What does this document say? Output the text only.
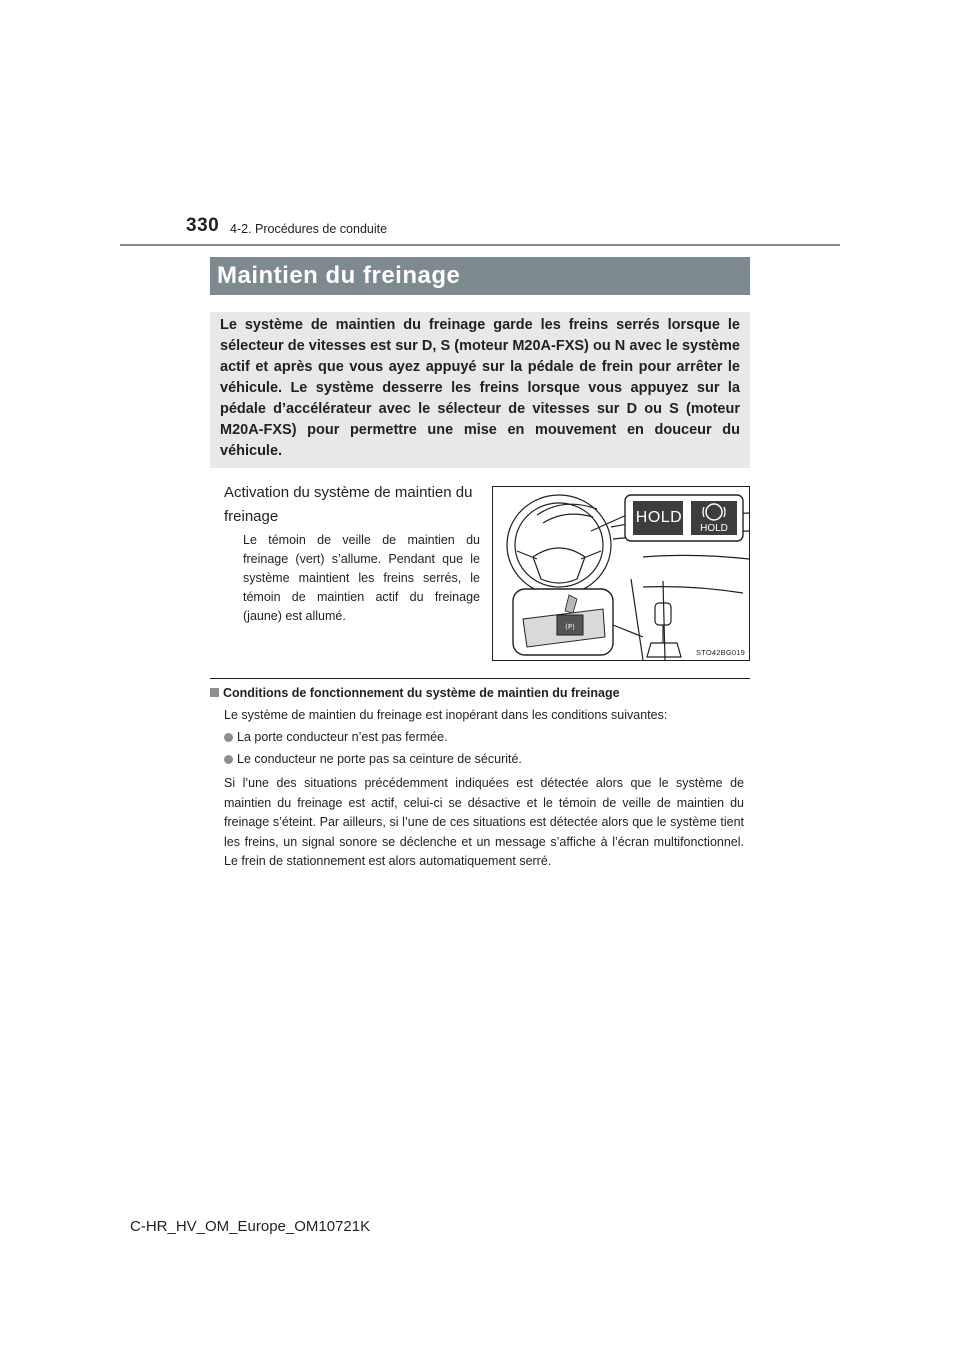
330 4-2. Procédures de conduite
Maintien du freinage

Le système de maintien du freinage garde les freins serrés lorsque le sélecteur de vitesses est sur D, S (moteur M20A-FXS) ou N avec le système actif et après que vous ayez appuyé sur la pédale de frein pour arrêter le véhicule. Le système desserre les freins lorsque vous appuyez sur la pédale d’accélérateur avec le sélecteur de vitesses sur D ou S (moteur M20A-FXS) pour permettre une mise en mouvement en douceur du véhicule.

Activation du système de maintien du freinage
Le témoin de veille de maintien du freinage (vert) s’allume. Pendant que le système maintient les freins serrés, le témoin de maintien actif du freinage (jaune) est allumé.
(P)
HOLD
HOLD
STO42BG019
Conditions de fonctionnement du système de maintien du freinage
Le système de maintien du freinage est inopérant dans les conditions suivantes:
La porte conducteur n’est pas fermée.
Le conducteur ne porte pas sa ceinture de sécurité.
Si l’une des situations précédemment indiquées est détectée alors que le système de maintien du freinage est actif, celui-ci se désactive et le témoin de veille de maintien du freinage s’éteint. Par ailleurs, si l’une de ces situations est détectée alors que le système tient les freins, un signal sonore se déclenche et un message s’affiche à l’écran multifonctionnel. Le frein de stationnement est alors automatiquement serré.
C-HR_HV_OM_Europe_OM10721K
